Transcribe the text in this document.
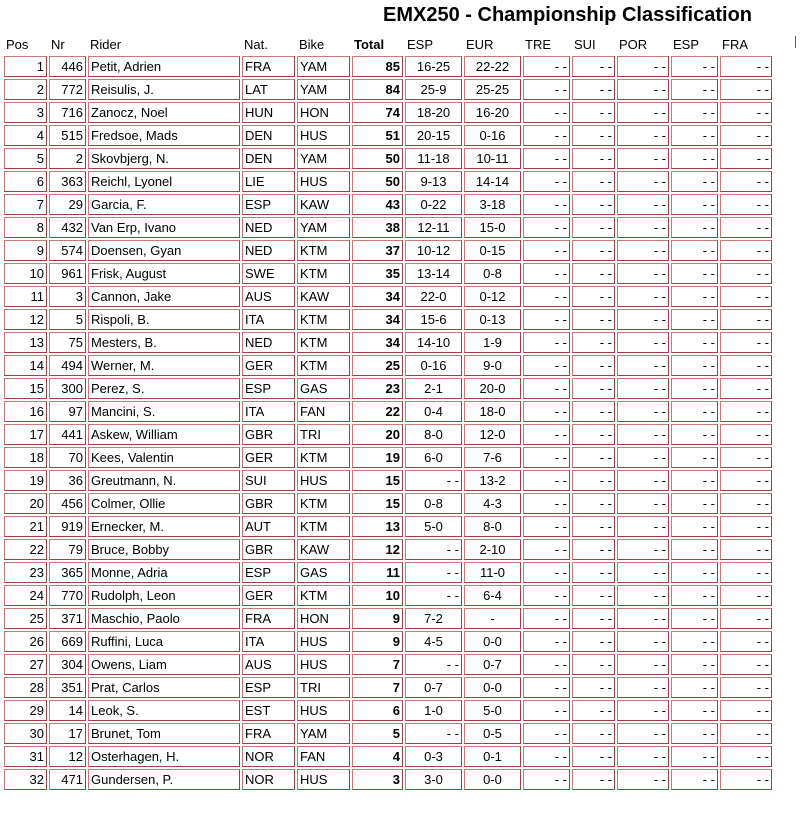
EMX250 - Championship Classification
Pos	Nr	Rider	Nat.	Bike	Total	ESP	EUR	TRE	SUI	POR	ESP	FRA
1	446	Petit, Adrien	FRA	YAM	85	16-25	22-22	- -	- -	- -	- -	- -
2	772	Reisulis, J.	LAT	YAM	84	25-9	25-25	- -	- -	- -	- -	- -
3	716	Zanocz, Noel	HUN	HON	74	18-20	16-20	- -	- -	- -	- -	- -
4	515	Fredsoe, Mads	DEN	HUS	51	20-15	0-16	- -	- -	- -	- -	- -
5	2	Skovbjerg, N.	DEN	YAM	50	11-18	10-11	- -	- -	- -	- -	- -
6	363	Reichl, Lyonel	LIE	HUS	50	9-13	14-14	- -	- -	- -	- -	- -
7	29	Garcia, F.	ESP	KAW	43	0-22	3-18	- -	- -	- -	- -	- -
8	432	Van Erp, Ivano	NED	YAM	38	12-11	15-0	- -	- -	- -	- -	- -
9	574	Doensen, Gyan	NED	KTM	37	10-12	0-15	- -	- -	- -	- -	- -
10	961	Frisk, August	SWE	KTM	35	13-14	0-8	- -	- -	- -	- -	- -
11	3	Cannon, Jake	AUS	KAW	34	22-0	0-12	- -	- -	- -	- -	- -
12	5	Rispoli, B.	ITA	KTM	34	15-6	0-13	- -	- -	- -	- -	- -
13	75	Mesters, B.	NED	KTM	34	14-10	1-9	- -	- -	- -	- -	- -
14	494	Werner, M.	GER	KTM	25	0-16	9-0	- -	- -	- -	- -	- -
15	300	Perez, S.	ESP	GAS	23	2-1	20-0	- -	- -	- -	- -	- -
16	97	Mancini, S.	ITA	FAN	22	0-4	18-0	- -	- -	- -	- -	- -
17	441	Askew, William	GBR	TRI	20	8-0	12-0	- -	- -	- -	- -	- -
18	70	Kees, Valentin	GER	KTM	19	6-0	7-6	- -	- -	- -	- -	- -
19	36	Greutmann, N.	SUI	HUS	15	- -	13-2	- -	- -	- -	- -	- -
20	456	Colmer, Ollie	GBR	KTM	15	0-8	4-3	- -	- -	- -	- -	- -
21	919	Ernecker, M.	AUT	KTM	13	5-0	8-0	- -	- -	- -	- -	- -
22	79	Bruce, Bobby	GBR	KAW	12	- -	2-10	- -	- -	- -	- -	- -
23	365	Monne, Adria	ESP	GAS	11	- -	11-0	- -	- -	- -	- -	- -
24	770	Rudolph, Leon	GER	KTM	10	- -	6-4	- -	- -	- -	- -	- -
25	371	Maschio, Paolo	FRA	HON	9	7-2	-	- -	- -	- -	- -	- -
26	669	Ruffini, Luca	ITA	HUS	9	4-5	0-0	- -	- -	- -	- -	- -
27	304	Owens, Liam	AUS	HUS	7	- -	0-7	- -	- -	- -	- -	- -
28	351	Prat, Carlos	ESP	TRI	7	0-7	0-0	- -	- -	- -	- -	- -
29	14	Leok, S.	EST	HUS	6	1-0	5-0	- -	- -	- -	- -	- -
30	17	Brunet, Tom	FRA	YAM	5	- -	0-5	- -	- -	- -	- -	- -
31	12	Osterhagen, H.	NOR	FAN	4	0-3	0-1	- -	- -	- -	- -	- -
32	471	Gundersen, P.	NOR	HUS	3	3-0	0-0	- -	- -	- -	- -	- -
